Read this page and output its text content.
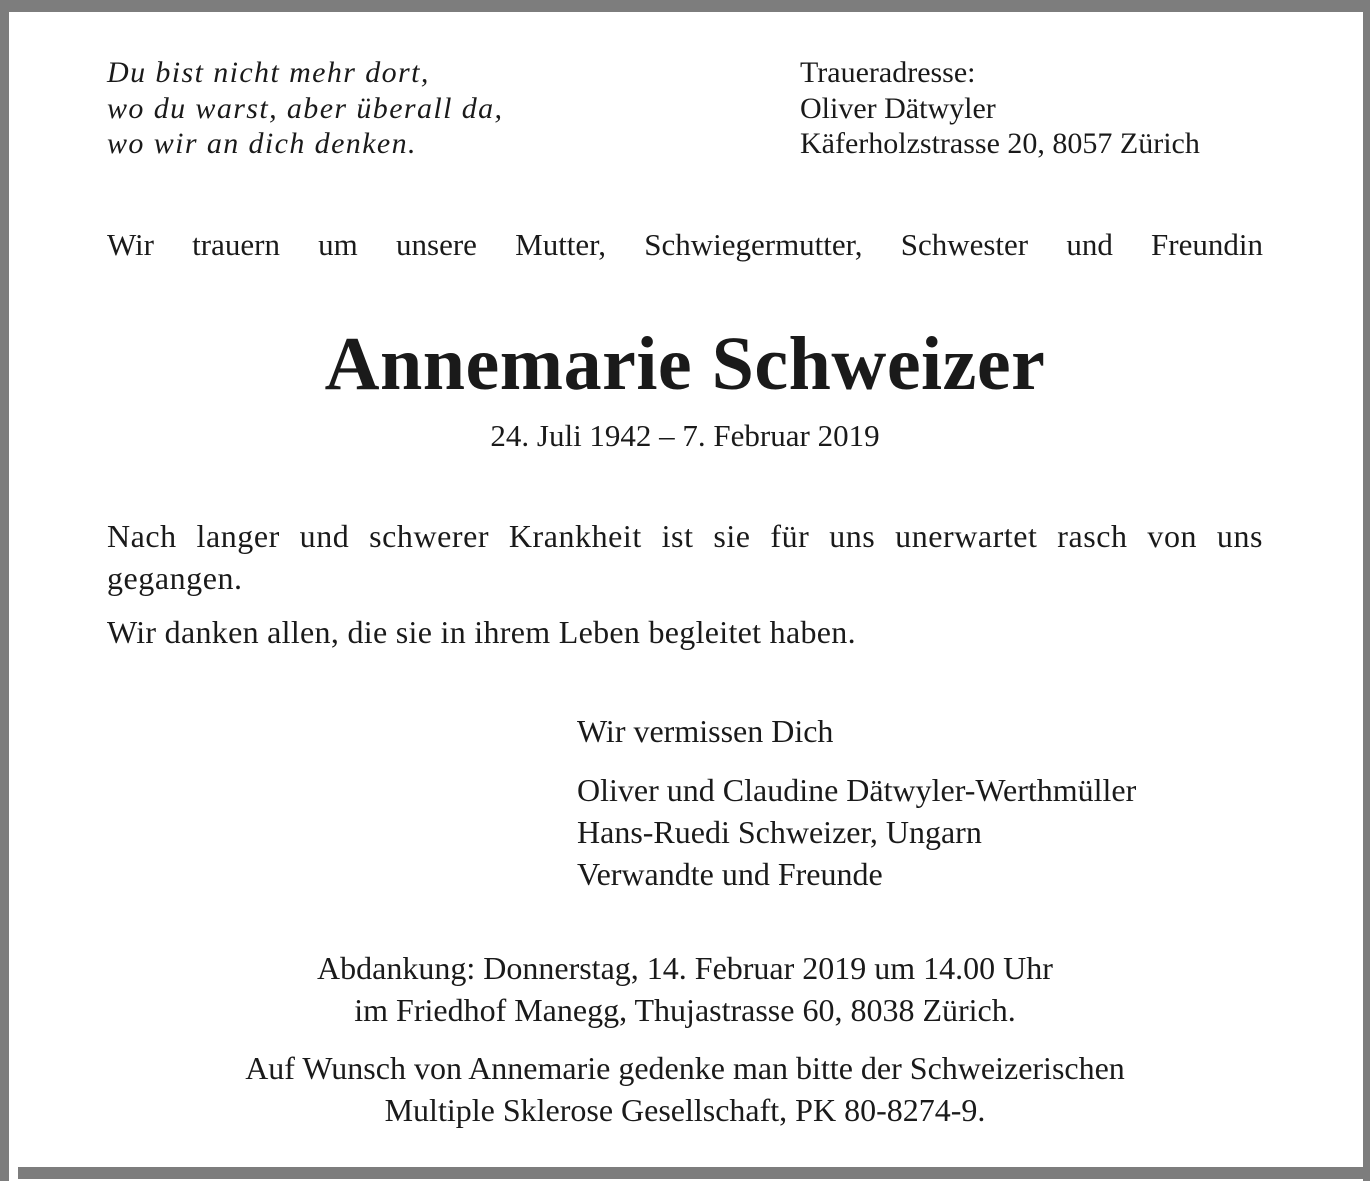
Du bist nicht mehr dort,
wo du warst, aber überall da,
wo wir an dich denken.
Traueradresse:
Oliver Dätwyler
Käferholzstrasse 20, 8057 Zürich
Wir trauern um unsere Mutter, Schwiegermutter, Schwester und Freundin
Annemarie Schweizer
24. Juli 1942 – 7. Februar 2019

Nach langer und schwerer Krankheit ist sie für uns unerwartet rasch von uns gegangen.

Wir danken allen, die sie in ihrem Leben begleitet haben.

Wir vermissen Dich
Oliver und Claudine Dätwyler-Werthmüller
Hans-Ruedi Schweizer, Ungarn
Verwandte und Freunde
Abdankung: Donnerstag, 14. Februar 2019 um 14.00 Uhr
im Friedhof Manegg, Thujastrasse 60, 8038 Zürich.
Auf Wunsch von Annemarie gedenke man bitte der Schweizerischen
Multiple Sklerose Gesellschaft, PK 80-8274-9.
